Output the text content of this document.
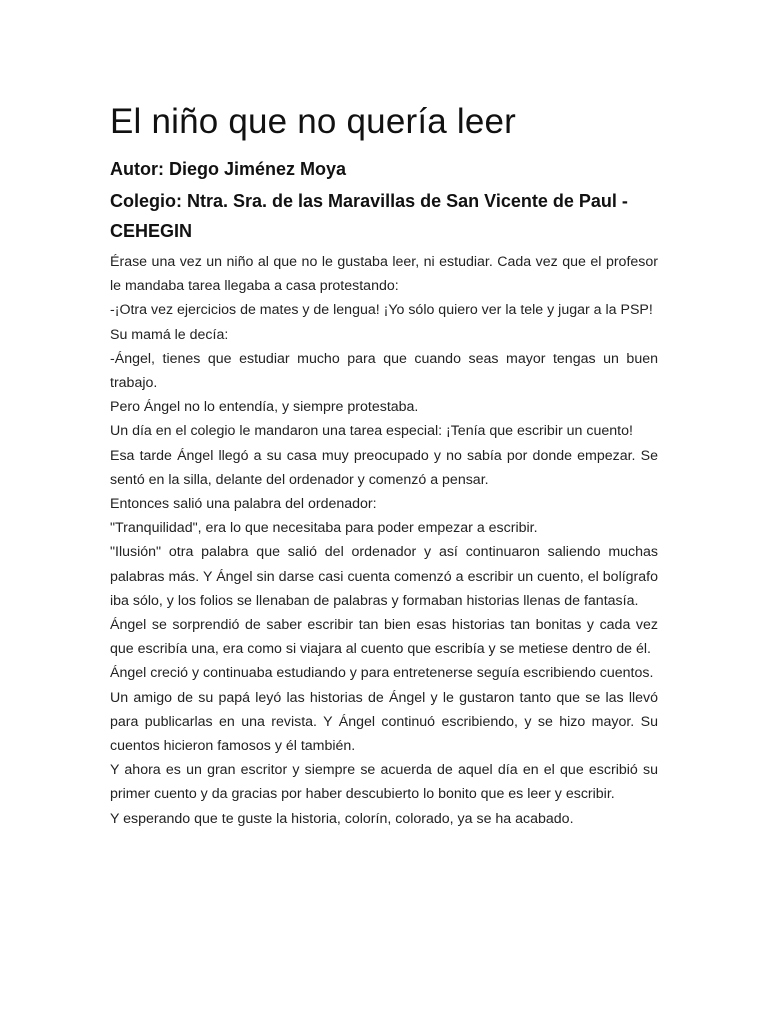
El niño que no quería leer

Autor: Diego Jiménez Moya

Colegio: Ntra. Sra. de las Maravillas de San Vicente de Paul - CEHEGIN

Érase una vez un niño al que no le gustaba leer, ni estudiar. Cada vez que el profesor le mandaba tarea llegaba a casa protestando:

-¡Otra vez ejercicios de mates y de lengua! ¡Yo sólo quiero ver la tele y jugar a la PSP!

Su mamá le decía:

-Ángel, tienes que estudiar mucho para que cuando seas mayor tengas un buen trabajo.

Pero Ángel no lo entendía, y siempre protestaba.

Un día en el colegio le mandaron una tarea especial: ¡Tenía que escribir un cuento!

Esa tarde Ángel llegó a su casa muy preocupado y no sabía por donde empezar. Se sentó en la silla, delante del ordenador y comenzó a pensar.

Entonces salió una palabra del ordenador:

"Tranquilidad", era lo que necesitaba para poder empezar a escribir.

"Ilusión" otra palabra que salió del ordenador y así continuaron saliendo muchas palabras más. Y Ángel sin darse casi cuenta comenzó a escribir un cuento, el bolígrafo iba sólo, y los folios se llenaban de palabras y formaban historias llenas de fantasía.

Ángel se sorprendió de saber escribir tan bien esas historias tan bonitas y cada vez que escribía una, era como si viajara al cuento que escribía y se metiese dentro de él.

Ángel creció y continuaba estudiando y para entretenerse seguía escribiendo cuentos.

Un amigo de su papá leyó las historias de Ángel y le gustaron tanto que se las llevó para publicarlas en una revista. Y Ángel continuó escribiendo, y se hizo mayor. Su cuentos hicieron famosos y él también.

Y ahora es un gran escritor y siempre se acuerda de aquel día en el que escribió su primer cuento y da gracias por haber descubierto lo bonito que es leer y escribir.

Y esperando que te guste la historia, colorín, colorado, ya se ha acabado.
